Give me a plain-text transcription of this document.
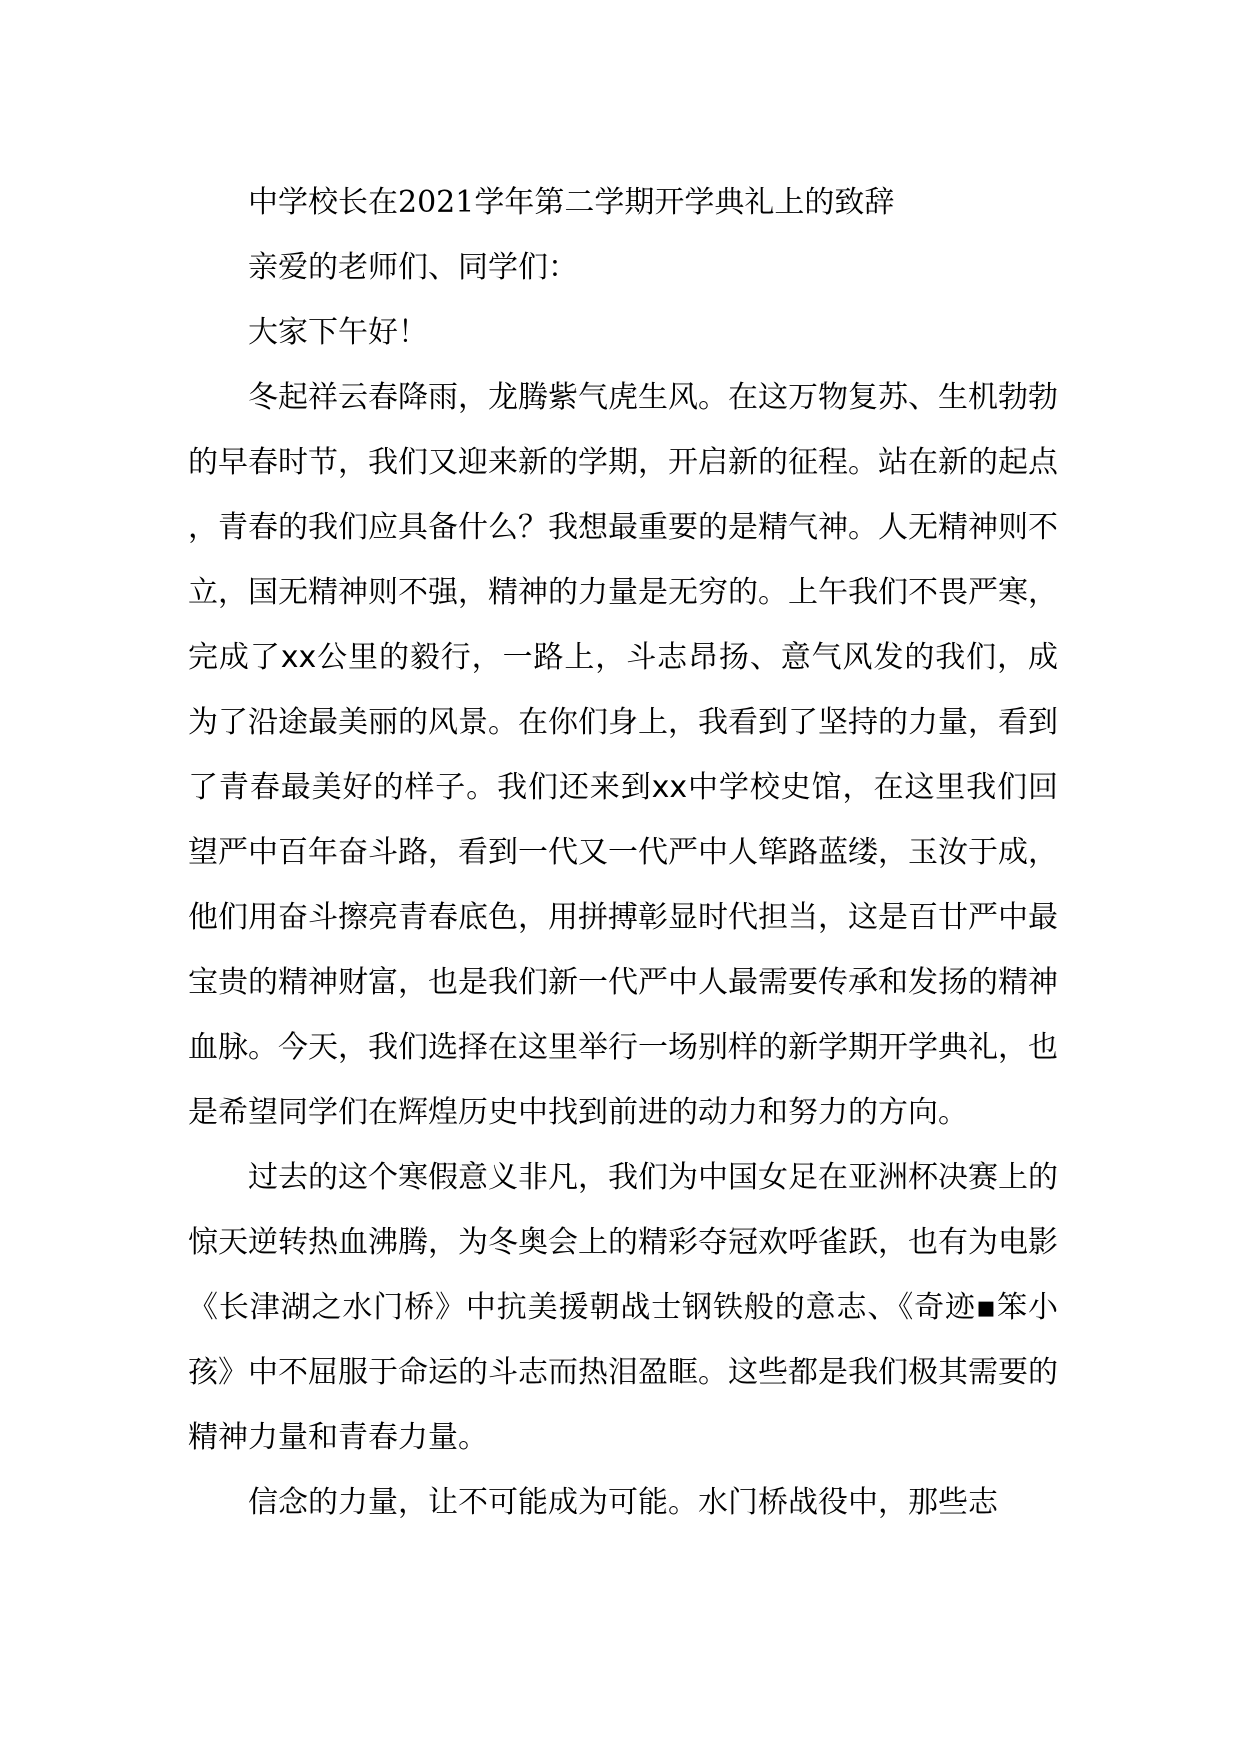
中学校长在2021学年第二学期开学典礼上的致辞

亲爱的老师们、同学们：

大家下午好！

冬起祥云春降雨，龙腾紫气虎生风。在这万物复苏、生机勃勃的早春时节，我们又迎来新的学期，开启新的征程。站在新的起点，青春的我们应具备什么？我想最重要的是精气神。人无精神则不立，国无精神则不强，精神的力量是无穷的。上午我们不畏严寒，完成了xx公里的毅行，一路上，斗志昂扬、意气风发的我们，成为了沿途最美丽的风景。在你们身上，我看到了坚持的力量，看到了青春最美好的样子。我们还来到xx中学校史馆，在这里我们回望严中百年奋斗路，看到一代又一代严中人筚路蓝缕，玉汝于成，他们用奋斗擦亮青春底色，用拼搏彰显时代担当，这是百廿严中最宝贵的精神财富，也是我们新一代严中人最需要传承和发扬的精神血脉。今天，我们选择在这里举行一场别样的新学期开学典礼，也是希望同学们在辉煌历史中找到前进的动力和努力的方向。

过去的这个寒假意义非凡，我们为中国女足在亚洲杯决赛上的惊天逆转热血沸腾，为冬奥会上的精彩夺冠欢呼雀跃，也有为电影《长津湖之水门桥》中抗美援朝战士钢铁般的意志、《奇迹▪笨小孩》中不屈服于命运的斗志而热泪盈眶。这些都是我们极其需要的精神力量和青春力量。

信念的力量，让不可能成为可能。水门桥战役中，那些志
